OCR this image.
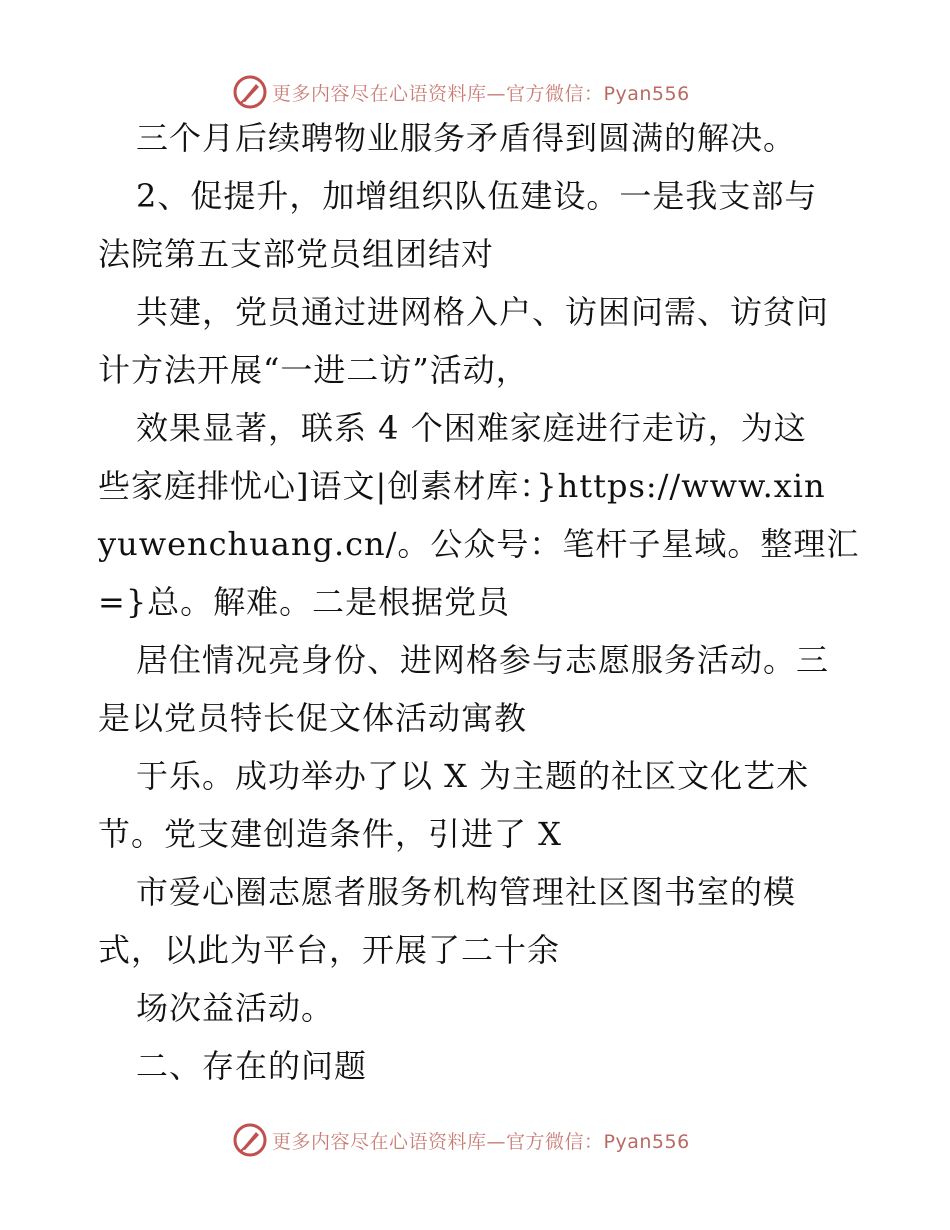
更多内容尽在心语资料库—官方微信：Pyan556
三个月后续聘物业服务矛盾得到圆满的解决。
2、促提升，加增组织队伍建设。一是我支部与
法院第五支部党员组团结对
共建，党员通过进网格入户、访困问需、访贫问
计方法开展“一进二访”活动，
效果显著，联系 4 个困难家庭进行走访，为这
些家庭排忧心]语文|创素材库：}https://www.xin
yuwenchuang.cn/。公众号：笔杆子星域。整理汇
=}总。解难。二是根据党员
居住情况亮身份、进网格参与志愿服务活动。三
是以党员特长促文体活动寓教
于乐。成功举办了以 X 为主题的社区文化艺术
节。党支建创造条件，引进了 X
市爱心圈志愿者服务机构管理社区图书室的模
式，以此为平台，开展了二十余
场次益活动。
二、存在的问题
更多内容尽在心语资料库—官方微信：Pyan556
